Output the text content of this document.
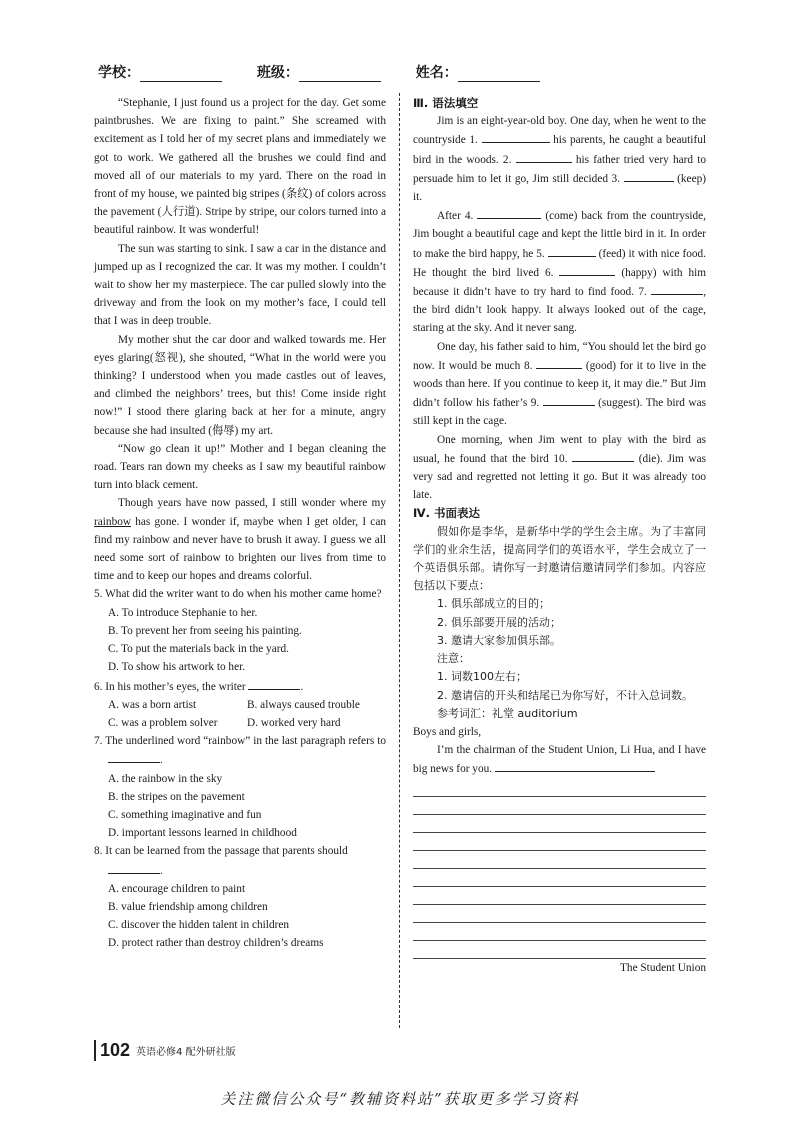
学校：	班级：	姓名：

“Stephanie, I just found us a project for the day. Get some paintbrushes. We are fixing to paint.” She screamed with excitement as I told her of my secret plans and immediately we got to work. We gathered all the brushes we could find and moved all of our materials to my yard. There on the road in front of my house, we painted big stripes (条纹) of colors across the pavement (人行道). Stripe by stripe, our colors turned into a beautiful rainbow. It was wonderful!

The sun was starting to sink. I saw a car in the distance and jumped up as I recognized the car. It was my mother. I couldn’t wait to show her my masterpiece. The car pulled slowly into the driveway and from the look on my mother’s face, I could tell that I was in deep trouble.

My mother shut the car door and walked towards me. Her eyes glaring(怒视), she shouted, “What in the world were you thinking? I understood when you made castles out of leaves, and climbed the neighbors’ trees, but this! Come inside right now!” I stood there glaring back at her for a minute, angry because she had insulted (侮辱) my art.

“Now go clean it up!” Mother and I began cleaning the road. Tears ran down my cheeks as I saw my beautiful rainbow turn into black cement.

Though years have now passed, I still wonder where my rainbow has gone. I wonder if, maybe when I get older, I can find my rainbow and never have to brush it away. I guess we all need some sort of rainbow to brighten our lives from time to time and to keep our hopes and dreams colorful.

5. What did the writer want to do when his mother came home?

A. To introduce Stephanie to her.

B. To prevent her from seeing his painting.

C. To put the materials back in the yard.

D. To show his artwork to her.

6. In his mother’s eyes, the writer	.

A. was a born artist	B. always caused trouble

C. was a problem solver	D. worked very hard

7. The underlined word “rainbow” in the last paragraph refers to .

A. the rainbow in the sky

B. the stripes on the pavement

C. something imaginative and fun

D. important lessons learned in childhood

8. It can be learned from the passage that parents should
.

A. encourage children to paint

B. value friendship among children

C. discover the hidden talent in children

D. protect rather than destroy children’s dreams

Ⅲ. 语法填空

Jim is an eight-year-old boy. One day, when he went to the countryside 1.	his parents, he caught a beautiful bird in the woods. 2.	his father tried very hard to persuade him to let it go, Jim still decided 3.	(keep) it.

After 4.	(come) back from the countryside, Jim bought a beautiful cage and kept the little bird in it. In order to make the bird happy, he 5.	(feed) it with nice food. He thought the bird lived 6.	(happy) with him because it didn’t have to try hard to find food. 7.	, the bird didn’t look happy. It always looked out of the cage, staring at the sky. And it never sang.

One day, his father said to him, “You should let the bird go now. It would be much 8.	(good) for it to live in the woods than here. If you continue to keep it, it may die.” But Jim didn’t follow his father’s 9.	(suggest). The bird was still kept in the cage.

One morning, when Jim went to play with the bird as usual, he found that the bird 10.	(die). Jim was very sad and regretted not letting it go. But it was already too late.

Ⅳ. 书面表达

假如你是李华，是新华中学的学生会主席。为了丰富同学们的业余生活，提高同学们的英语水平，学生会成立了一个英语俱乐部。请你写一封邀请信邀请同学们参加。内容应包括以下要点：

1. 俱乐部成立的目的；

2. 俱乐部要开展的活动；

3. 邀请大家参加俱乐部。

注意：

1. 词数100左右；

2. 邀请信的开头和结尾已为你写好，不计入总词数。

参考词汇：礼堂 auditorium

Boys and girls,

I’m the chairman of the Student Union, Li Hua, and I have big news for you.

The Student Union

102 英语必修4 配外研社版
关注微信公众号“教辅资料站”获取更多学习资料
